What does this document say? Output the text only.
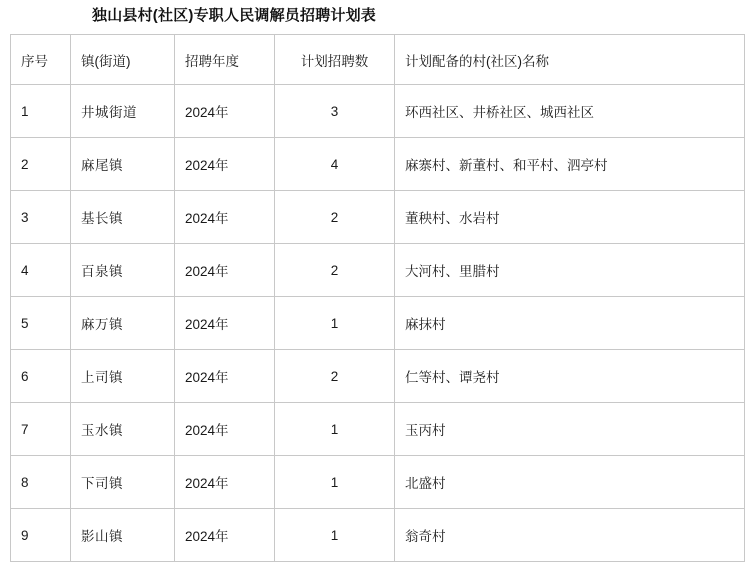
独山县村(社区)专职人民调解员招聘计划表
序号	镇(街道)	招聘年度	计划招聘数	计划配备的村(社区)名称
1	井城街道	2024年	3	环西社区、井桥社区、城西社区
2	麻尾镇	2024年	4	麻寨村、新董村、和平村、泗亭村
3	基长镇	2024年	2	董秧村、水岩村
4	百泉镇	2024年	2	大河村、里腊村
5	麻万镇	2024年	1	麻抹村
6	上司镇	2024年	2	仁等村、谭尧村
7	玉水镇	2024年	1	玉丙村
8	下司镇	2024年	1	北盛村
9	影山镇	2024年	1	翁奇村
